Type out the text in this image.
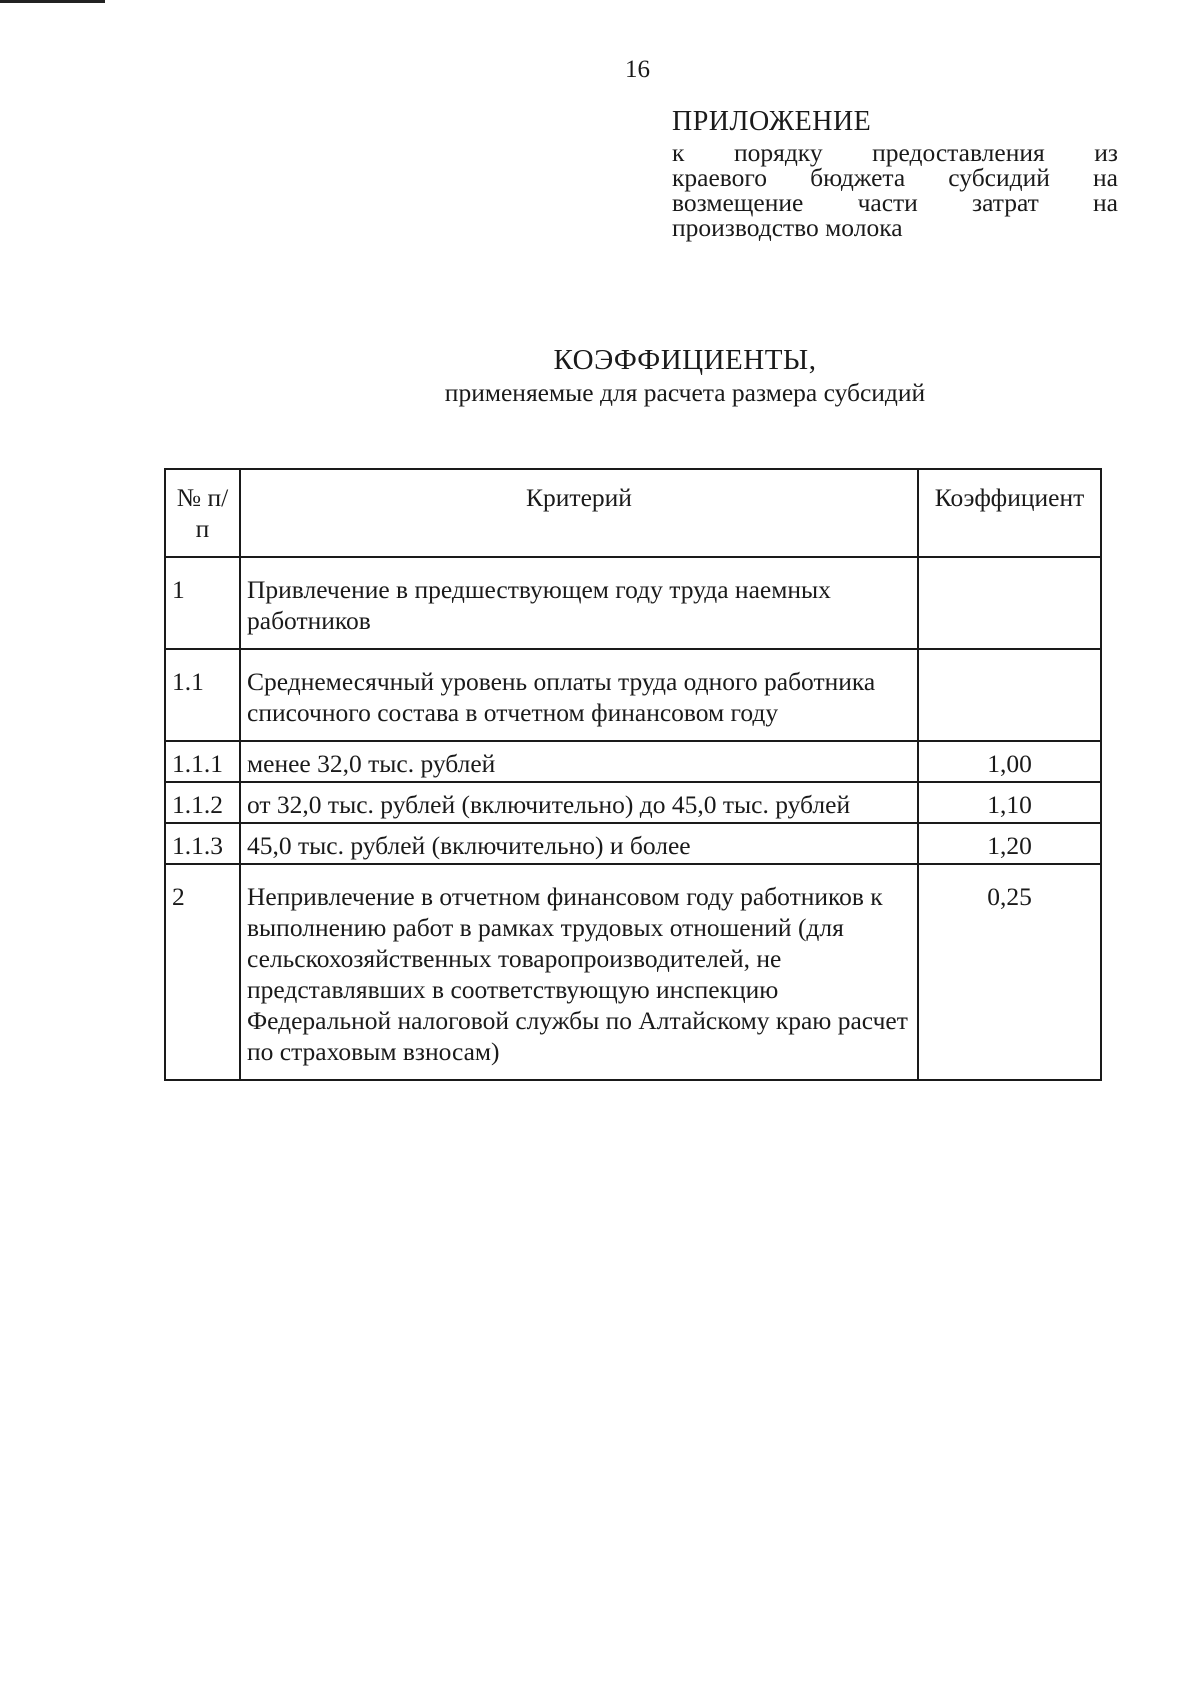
16
ПРИЛОЖЕНИЕ
к порядку предоставления из
краевого бюджета субсидий на
возмещение части затрат на
производство молока
КОЭФФИЦИЕНТЫ,
применяемые для расчета размера субсидий
№ п/п	Критерий	Коэффициент
1	Привлечение в предшествующем году труда наемных работников	
1.1	Среднемесячный уровень оплаты труда одного работника списочного состава в отчетном финансовом году	
1.1.1	менее 32,0 тыс. рублей	1,00
1.1.2	от 32,0 тыс. рублей (включительно) до 45,0 тыс. рублей	1,10
1.1.3	45,0 тыс. рублей (включительно) и более	1,20
2	Непривлечение в отчетном финансовом году работников к выполнению работ в рамках трудовых отношений (для сельскохозяйственных товаропроизводителей, не представлявших в соответствующую инспекцию Федеральной налоговой службы по Алтайскому краю расчет по страховым взносам)	0,25
